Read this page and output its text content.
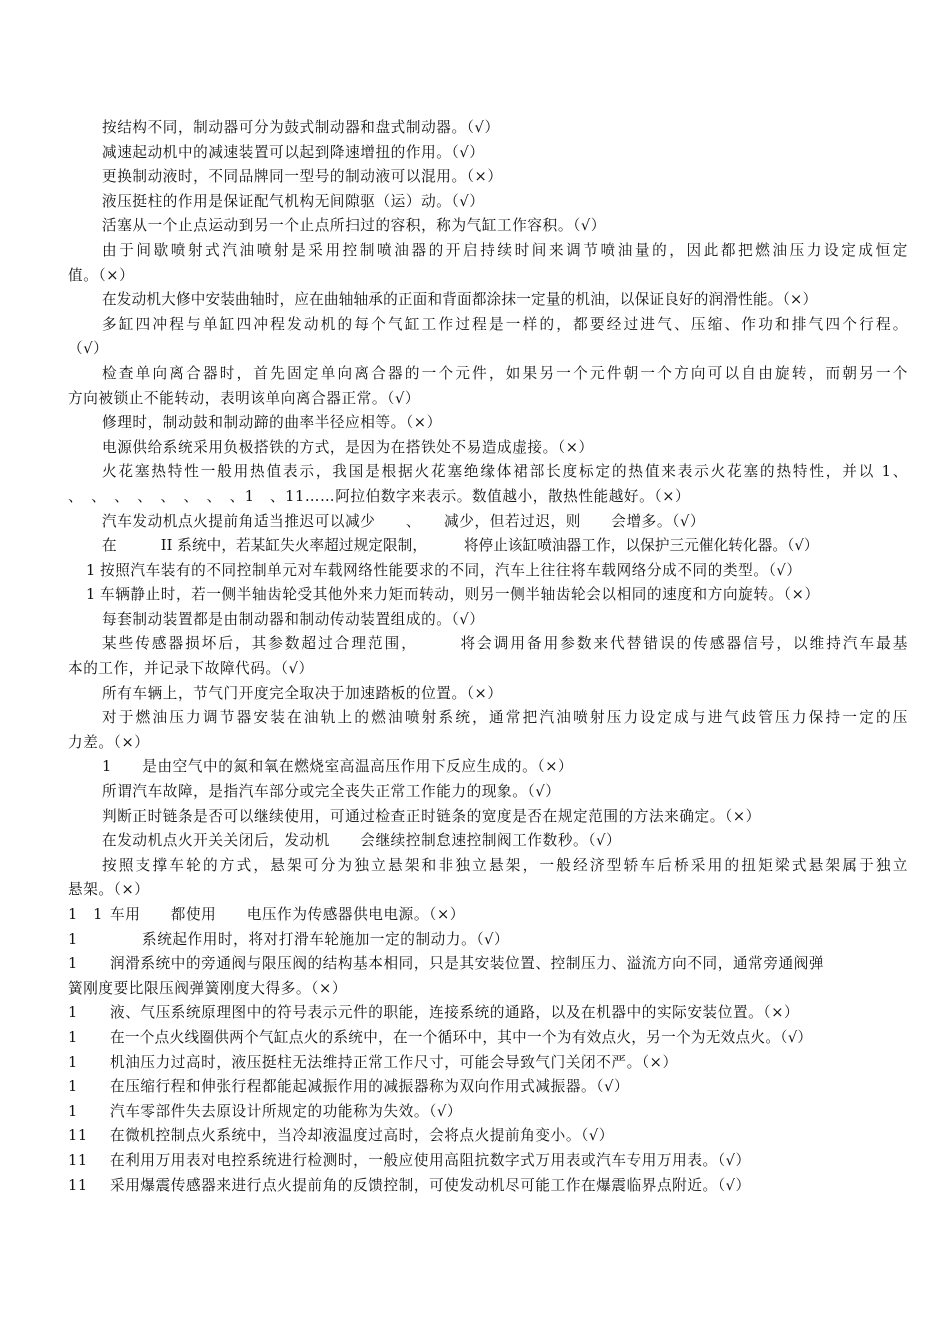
按结构不同，制动器可分为鼓式制动器和盘式制动器。（√）
减速起动机中的减速装置可以起到降速增扭的作用。（√）
更换制动液时，不同品牌同一型号的制动液可以混用。（×）
液压挺柱的作用是保证配气机构无间隙驱（运）动。（√）
活塞从一个止点运动到另一个止点所扫过的容积，称为气缸工作容积。（√）
由于间歇喷射式汽油喷射是采用控制喷油器的开启持续时间来调节喷油量的，因此都把燃油压力设定成恒定
值。（×）
在发动机大修中安装曲轴时，应在曲轴轴承的正面和背面都涂抹一定量的机油，以保证良好的润滑性能。（×）
多缸四冲程与单缸四冲程发动机的每个气缸工作过程是一样的，都要经过进气、压缩、作功和排气四个行程。
（√）
检查单向离合器时，首先固定单向离合器的一个元件，如果另一个元件朝一个方向可以自由旋转，而朝另一个
方向被锁止不能转动，表明该单向离合器正常。（√）
修理时，制动鼓和制动蹄的曲率半径应相等。（×）
电源供给系统采用负极搭铁的方式，是因为在搭铁处不易造成虚接。（×）
火花塞热特性一般用热值表示，我国是根据火花塞绝缘体裙部长度标定的热值来表示火花塞的热特性，并以 1、
、　、　、　、　、　、　、　、1　、11……阿拉伯数字来表示。数值越小，散热性能越好。（×）
汽车发动机点火提前角适当推迟可以减少　　、　　减少，但若过迟，则　　会增多。（√）
在　　　II 系统中，若某缸失火率超过规定限制，　　　将停止该缸喷油器工作，以保护三元催化转化器。（√）
1 按照汽车装有的不同控制单元对车载网络性能要求的不同，汽车上往往将车载网络分成不同的类型。（√）
1 车辆静止时，若一侧半轴齿轮受其他外来力矩而转动，则另一侧半轴齿轮会以相同的速度和方向旋转。（×）
每套制动装置都是由制动器和制动传动装置组成的。（√）
某些传感器损坏后，其参数超过合理范围，　　　将会调用备用参数来代替错误的传感器信号，以维持汽车最基
本的工作，并记录下故障代码。（√）
所有车辆上，节气门开度完全取决于加速踏板的位置。（×）
对于燃油压力调节器安装在油轨上的燃油喷射系统，通常把汽油喷射压力设定成与进气歧管压力保持一定的压
力差。（×）
1　　是由空气中的氮和氧在燃烧室高温高压作用下反应生成的。（×）
所谓汽车故障，是指汽车部分或完全丧失正常工作能力的现象。（√）
判断正时链条是否可以继续使用，可通过检查正时链条的宽度是否在规定范围的方法来确定。（×）
在发动机点火开关关闭后，发动机　　会继续控制怠速控制阀工作数秒。（√）
按照支撑车轮的方式，悬架可分为独立悬架和非独立悬架，一般经济型轿车后桥采用的扭矩梁式悬架属于独立
悬架。（×）
1　1 车用　　都使用　　电压作为传感器供电电源。（×）
1	系统起作用时，将对打滑车轮施加一定的制动力。（√）
1 润滑系统中的旁通阀与限压阀的结构基本相同，只是其安装位置、控制压力、溢流方向不同，通常旁通阀弹
簧刚度要比限压阀弹簧刚度大得多。（×）
1 液、气压系统原理图中的符号表示元件的职能，连接系统的通路，以及在机器中的实际安装位置。（×）
1 在一个点火线圈供两个气缸点火的系统中，在一个循环中，其中一个为有效点火，另一个为无效点火。（√）
1 机油压力过高时，液压挺柱无法维持正常工作尺寸，可能会导致气门关闭不严。（×）
1 在压缩行程和伸张行程都能起减振作用的减振器称为双向作用式减振器。（√）
1 汽车零部件失去原设计所规定的功能称为失效。（√）
11 在微机控制点火系统中，当冷却液温度过高时，会将点火提前角变小。（√）
11 在利用万用表对电控系统进行检测时，一般应使用高阻抗数字式万用表或汽车专用万用表。（√）
11 采用爆震传感器来进行点火提前角的反馈控制，可使发动机尽可能工作在爆震临界点附近。（√）
